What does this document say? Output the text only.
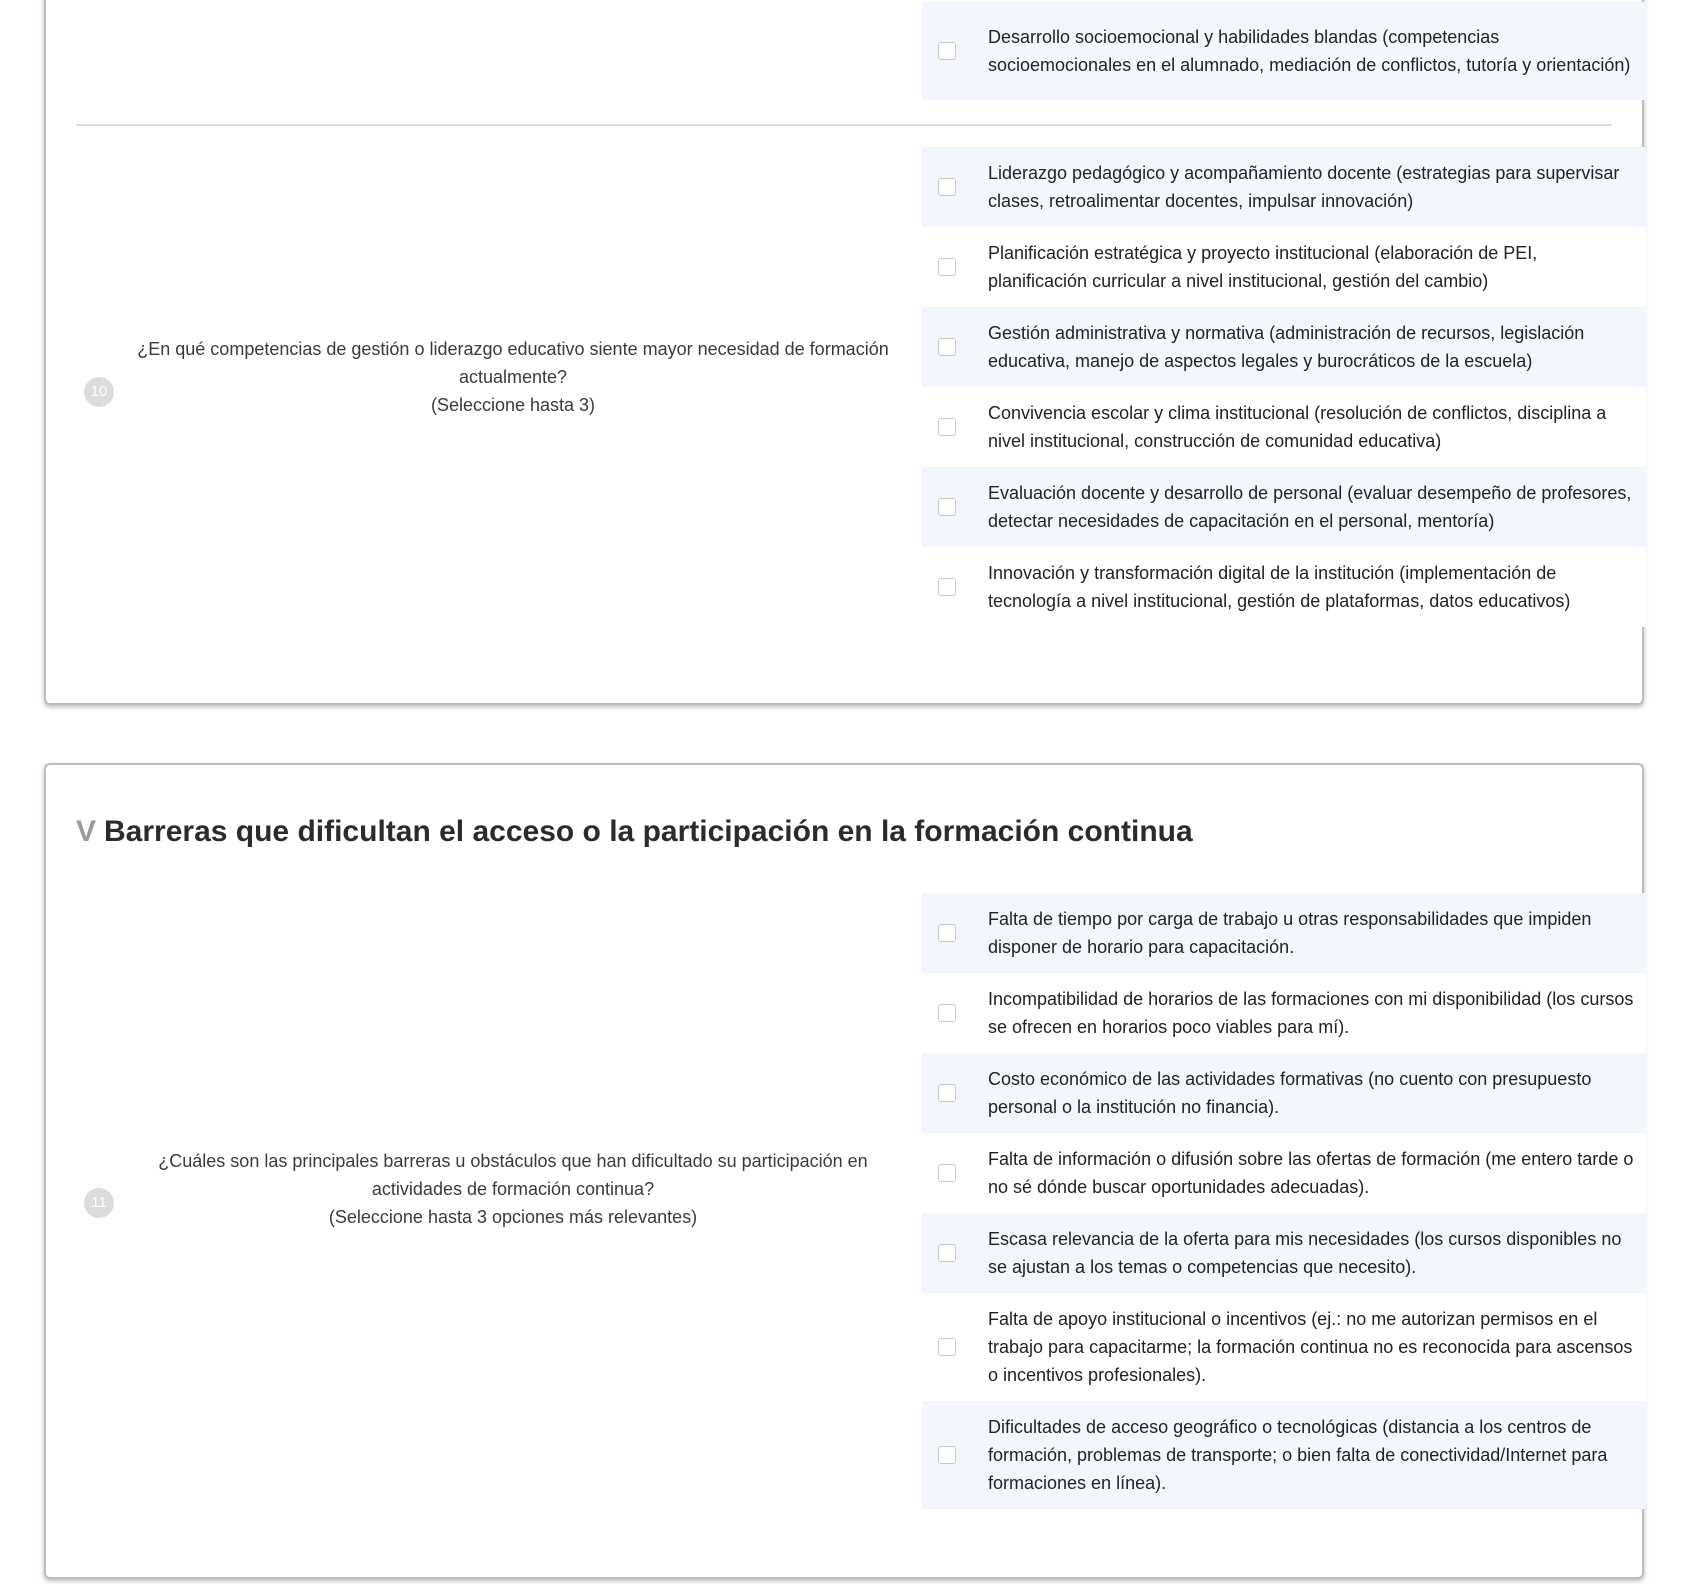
Desarrollo socioemocional y habilidades blandas (competencias socioemocionales en el alumnado, mediación de conflictos, tutoría y orientación)
10
¿En qué competencias de gestión o liderazgo educativo siente mayor necesidad de formación actualmente?
(Seleccione hasta 3)
Liderazgo pedagógico y acompañamiento docente (estrategias para supervisar clases, retroalimentar docentes, impulsar innovación)
Planificación estratégica y proyecto institucional (elaboración de PEI, planificación curricular a nivel institucional, gestión del cambio)
Gestión administrativa y normativa (administración de recursos, legislación educativa, manejo de aspectos legales y burocráticos de la escuela)
Convivencia escolar y clima institucional (resolución de conflictos, disciplina a nivel institucional, construcción de comunidad educativa)
Evaluación docente y desarrollo de personal (evaluar desempeño de profesores, detectar necesidades de capacitación en el personal, mentoría)
Innovación y transformación digital de la institución (implementación de tecnología a nivel institucional, gestión de plataformas, datos educativos)
V Barreras que dificultan el acceso o la participación en la formación continua
11
¿Cuáles son las principales barreras u obstáculos que han dificultado su participación en actividades de formación continua?
(Seleccione hasta 3 opciones más relevantes)
Falta de tiempo por carga de trabajo u otras responsabilidades que impiden disponer de horario para capacitación.
Incompatibilidad de horarios de las formaciones con mi disponibilidad (los cursos se ofrecen en horarios poco viables para mí).
Costo económico de las actividades formativas (no cuento con presupuesto personal o la institución no financia).
Falta de información o difusión sobre las ofertas de formación (me entero tarde o no sé dónde buscar oportunidades adecuadas).
Escasa relevancia de la oferta para mis necesidades (los cursos disponibles no se ajustan a los temas o competencias que necesito).
Falta de apoyo institucional o incentivos (ej.: no me autorizan permisos en el trabajo para capacitarme; la formación continua no es reconocida para ascensos o incentivos profesionales).
Dificultades de acceso geográfico o tecnológicas (distancia a los centros de formación, problemas de transporte; o bien falta de conectividad/Internet para formaciones en línea).
